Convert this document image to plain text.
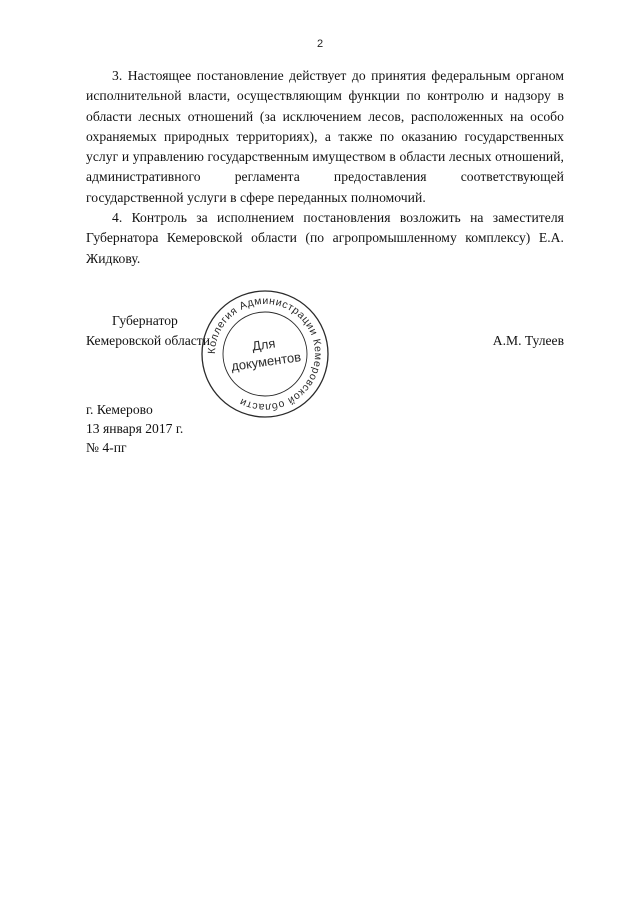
2
3. Настоящее постановление действует до принятия федеральным органом исполнительной власти, осуществляющим функции по контролю и надзору в области лесных отношений (за исключением лесов, расположенных на особо охраняемых природных территориях), а также по оказанию государственных услуг и управлению государственным имуществом в области лесных отношений, административного регламента предоставления соответствующей государственной услуги в сфере переданных полномочий.
4. Контроль за исполнением постановления возложить на заместителя Губернатора Кемеровской области (по агропромышленному комплексу) Е.А. Жидкову.
Губернатор
Кемеровской области	А.М. Тулеев
Коллегия Администрации Кемеровской области
Для
документов
г. Кемерово
13 января 2017 г.
№ 4-пг
